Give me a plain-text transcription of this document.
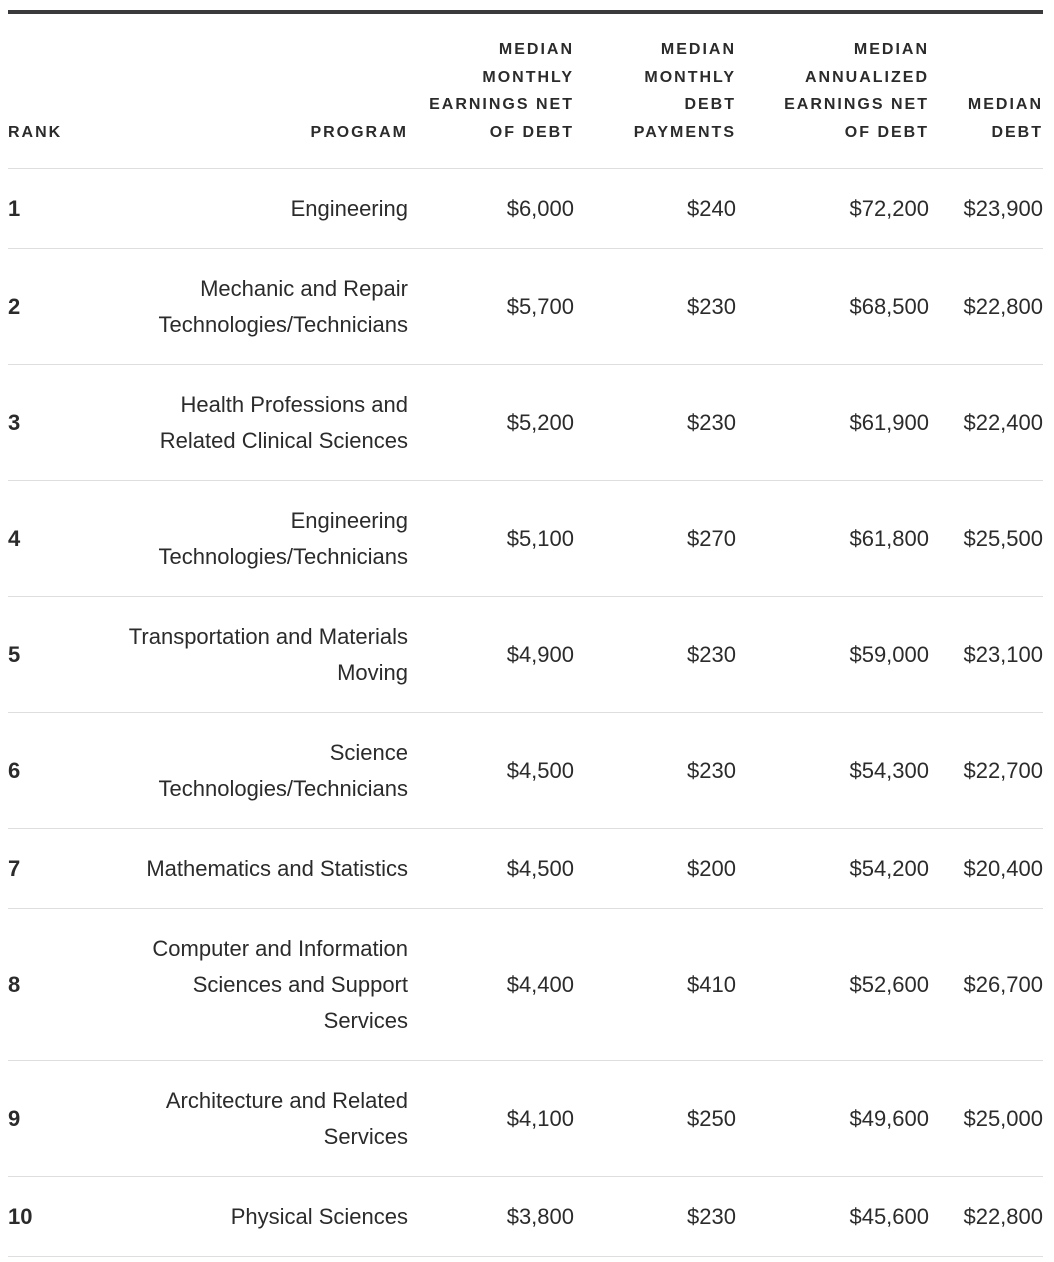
RANK	PROGRAM	MEDIAN MONTHLY EARNINGS NET OF DEBT	MEDIAN MONTHLY DEBT PAYMENTS	MEDIAN ANNUALIZED EARNINGS NET OF DEBT	MEDIAN DEBT

1	Engineering	$6,000	$240	$72,200	$23,900
2	Mechanic and Repair Technologies/Technicians	$5,700	$230	$68,500	$22,800
3	Health Professions and Related Clinical Sciences	$5,200	$230	$61,900	$22,400
4	Engineering Technologies/Technicians	$5,100	$270	$61,800	$25,500
5	Transportation and Materials Moving	$4,900	$230	$59,000	$23,100
6	Science Technologies/Technicians	$4,500	$230	$54,300	$22,700
7	Mathematics and Statistics	$4,500	$200	$54,200	$20,400
8	Computer and Information Sciences and Support Services	$4,400	$410	$52,600	$26,700
9	Architecture and Related Services	$4,100	$250	$49,600	$25,000
10	Physical Sciences	$3,800	$230	$45,600	$22,800
